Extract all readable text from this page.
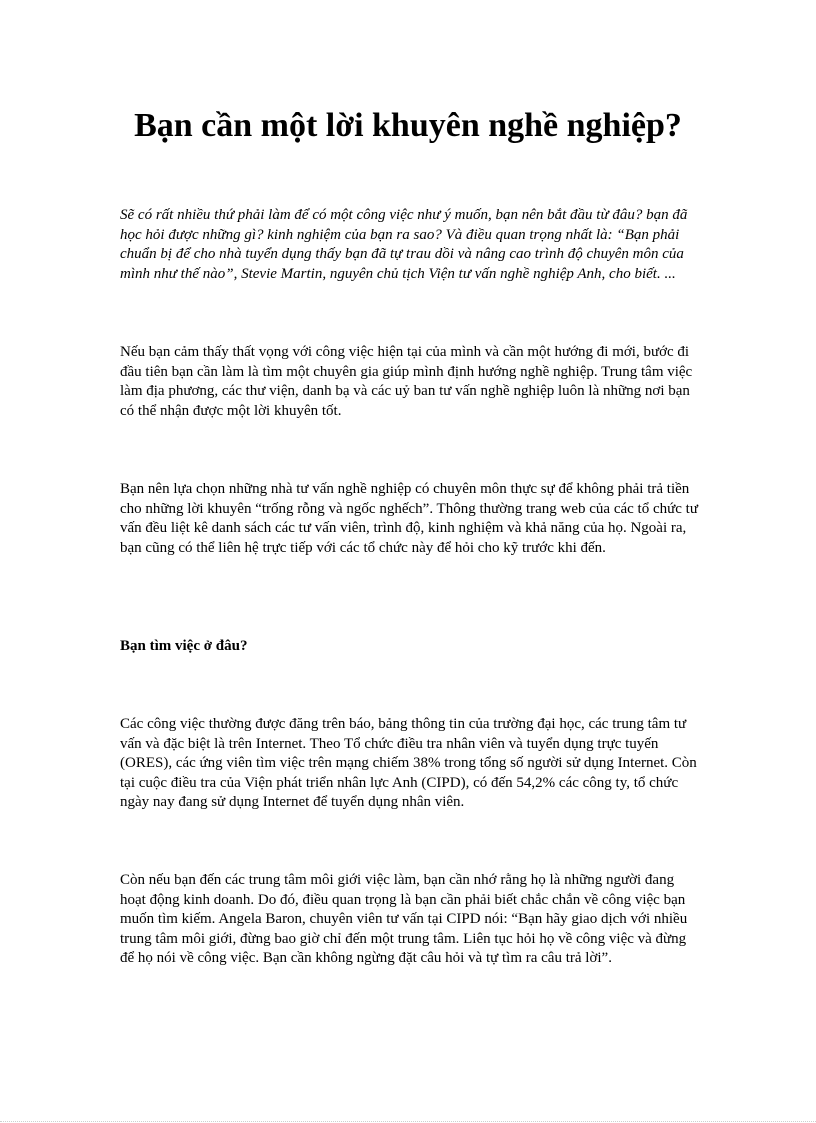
Bạn cần một lời khuyên nghề nghiệp?

Sẽ có rất nhiều thứ phải làm để có một công việc như ý muốn, bạn nên bắt đầu từ đâu? bạn đã học hỏi được những gì? kinh nghiệm của bạn ra sao? Và điều quan trọng nhất là: “Bạn phải chuẩn bị để cho nhà tuyển dụng thấy bạn đã tự trau dồi và nâng cao trình độ chuyên môn của mình như thế nào”, Stevie Martin, nguyên chủ tịch Viện tư vấn nghề nghiệp Anh, cho biết. ...

Nếu bạn cảm thấy thất vọng với công việc hiện tại của mình và cần một hướng đi mới, bước đi đầu tiên bạn cần làm là tìm một chuyên gia giúp mình định hướng nghề nghiệp. Trung tâm việc làm địa phương, các thư viện, danh bạ và các uỷ ban tư vấn nghề nghiệp luôn là những nơi bạn có thể nhận được một lời khuyên tốt.

Bạn nên lựa chọn những nhà tư vấn nghề nghiệp có chuyên môn thực sự để không phải trả tiền cho những lời khuyên “trống rỗng và ngốc nghếch”. Thông thường trang web của các tổ chức tư vấn đều liệt kê danh sách các tư vấn viên, trình độ, kinh nghiệm và khả năng của họ. Ngoài ra, bạn cũng có thể liên hệ trực tiếp với các tổ chức này để hỏi cho kỹ trước khi đến.

Bạn tìm việc ở đâu?

Các công việc thường được đăng trên báo, bảng thông tin của trường đại học, các trung tâm tư vấn và đặc biệt là trên Internet. Theo Tổ chức điều tra nhân viên và tuyển dụng trực tuyến (ORES), các ứng viên tìm việc trên mạng chiếm 38% trong tổng số người sử dụng Internet. Còn tại cuộc điều tra của Viện phát triển nhân lực Anh (CIPD), có đến 54,2% các công ty, tổ chức ngày nay đang sử dụng Internet để tuyển dụng nhân viên.

Còn nếu bạn đến các trung tâm môi giới việc làm, bạn cần nhớ rằng họ là những người đang hoạt động kinh doanh. Do đó, điều quan trọng là bạn cần phải biết chắc chắn về công việc bạn muốn tìm kiếm. Angela Baron, chuyên viên tư vấn tại CIPD nói: “Bạn hãy giao dịch với nhiều trung tâm môi giới, đừng bao giờ chỉ đến một trung tâm. Liên tục hỏi họ về công việc và đừng để họ nói về công việc. Bạn cần không ngừng đặt câu hỏi và tự tìm ra câu trả lời”.
